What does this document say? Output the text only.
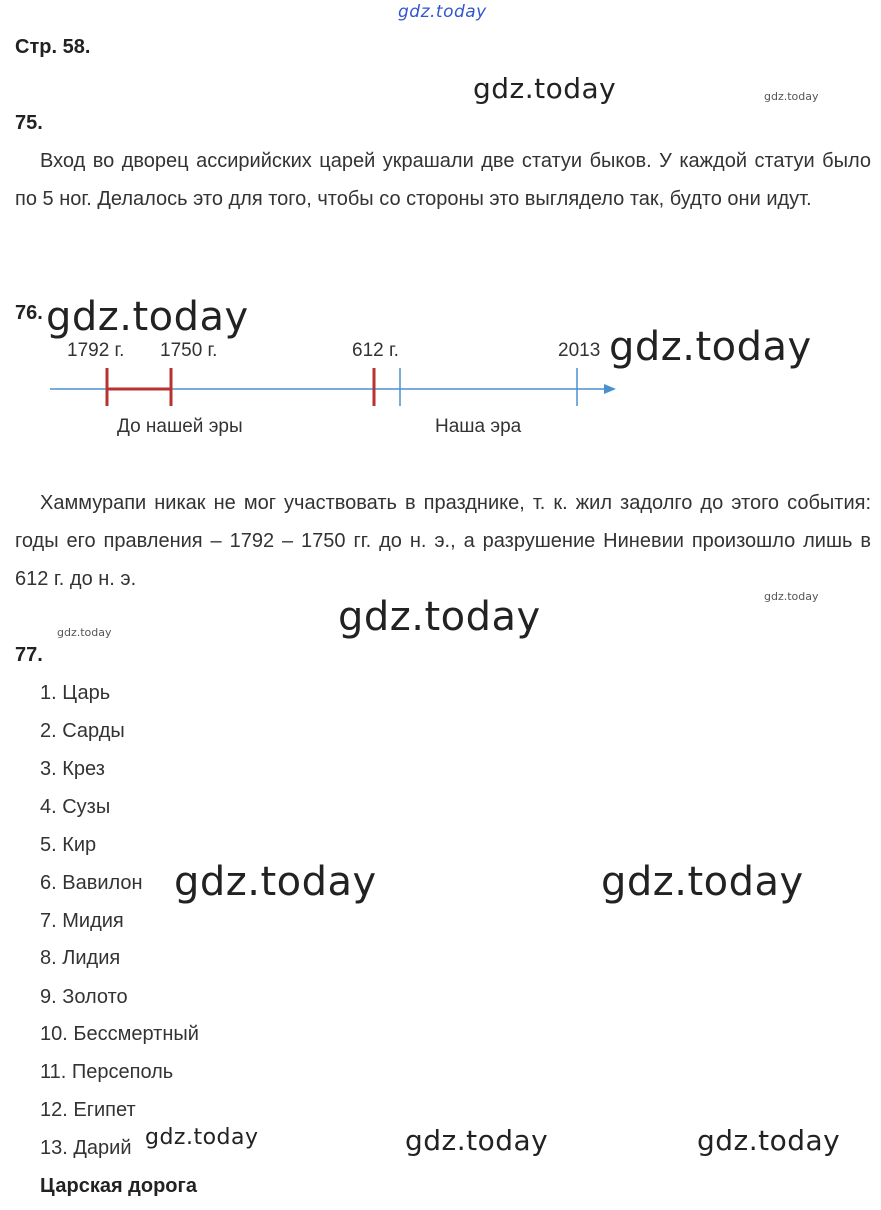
gdz.today
gdz.today	gdz.today
gdz.today
gdz.today
gdz.today
gdz.today
gdz.today
gdz.today	gdz.today
gdz.today	gdz.today	gdz.today
Стр. 58.
75.
Вход во дворец ассирийских царей украшали две статуи быков. У каждой статуи было по 5 ног. Делалось это для того, чтобы со стороны это выглядело так, будто они идут.
76.
1792 г. 1750 г.	612 г.	2013
До нашей эры	Наша эра
Хаммурапи никак не мог участвовать в празднике, т. к. жил задолго до этого события: годы его правления – 1792 – 1750 гг. до н. э., а разрушение Ниневии произошло лишь в 612 г. до н. э.
77.
1. Царь
2. Сарды
3. Крез
4. Сузы
5. Кир
6. Вавилон
7. Мидия
8. Лидия
9. Золото
10. Бессмертный
11. Персеполь
12. Египет
13. Дарий
Царская дорога
